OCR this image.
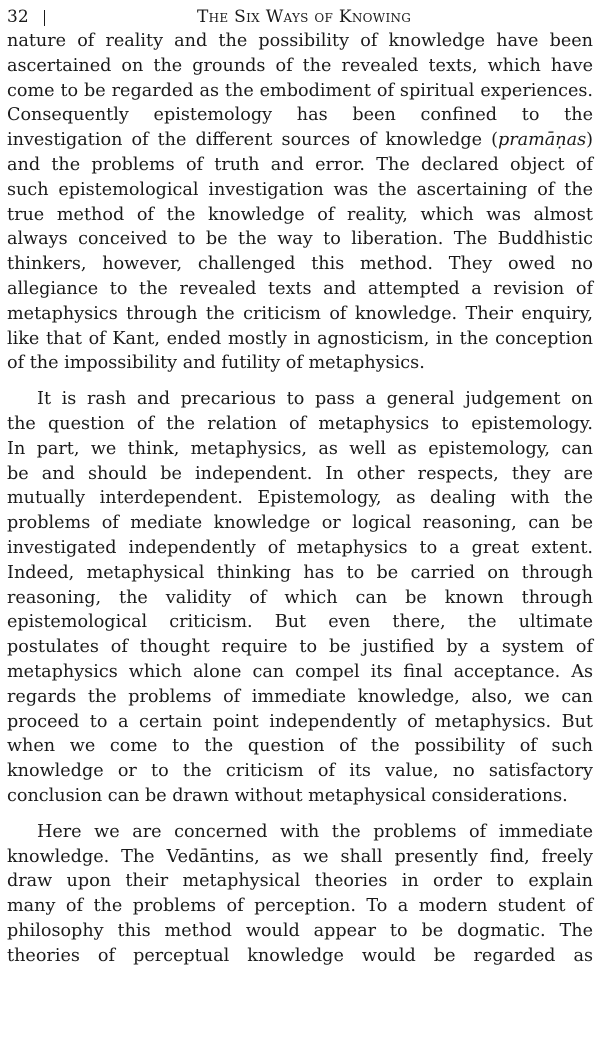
32	The Six Ways of Knowing

nature of reality and the possibility of knowledge have been
ascertained on the grounds of the revealed texts, which have
come to be regarded as the embodiment of spiritual experiences.
Consequently epistemology has been confined to the
investigation of the different sources of knowledge (pramāṇas)
and the problems of truth and error. The declared object of
such epistemological investigation was the ascertaining of the
true method of the knowledge of reality, which was almost
always conceived to be the way to liberation. The Buddhistic
thinkers, however, challenged this method. They owed no
allegiance to the revealed texts and attempted a revision of
metaphysics through the criticism of knowledge. Their enquiry,
like that of Kant, ended mostly in agnosticism, in the conception
of the impossibility and futility of metaphysics.

It is rash and precarious to pass a general judgement on
the question of the relation of metaphysics to epistemology.
In part, we think, metaphysics, as well as epistemology, can
be and should be independent. In other respects, they are
mutually interdependent. Epistemology, as dealing with the
problems of mediate knowledge or logical reasoning, can be
investigated independently of metaphysics to a great extent.
Indeed, metaphysical thinking has to be carried on through
reasoning, the validity of which can be known through
epistemological criticism. But even there, the ultimate
postulates of thought require to be justified by a system of
metaphysics which alone can compel its final acceptance. As
regards the problems of immediate knowledge, also, we can
proceed to a certain point independently of metaphysics. But
when we come to the question of the possibility of such
knowledge or to the criticism of its value, no satisfactory
conclusion can be drawn without metaphysical considerations.

Here we are concerned with the problems of immediate
knowledge. The Vedāntins, as we shall presently find, freely
draw upon their metaphysical theories in order to explain
many of the problems of perception. To a modern student of
philosophy this method would appear to be dogmatic. The
theories of perceptual knowledge would be regarded as
